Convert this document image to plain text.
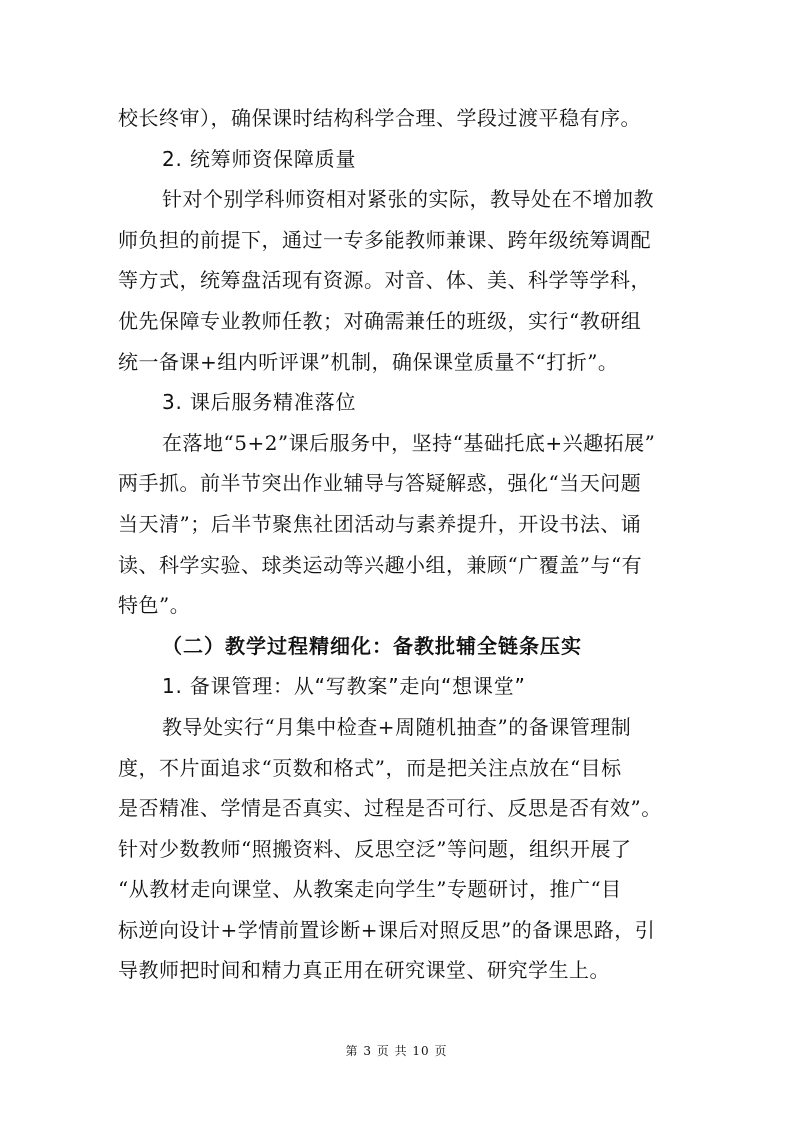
校长终审），确保课时结构科学合理、学段过渡平稳有序。
2. 统筹师资保障质量
针对个别学科师资相对紧张的实际，教导处在不增加教
师负担的前提下，通过一专多能教师兼课、跨年级统筹调配
等方式，统筹盘活现有资源。对音、体、美、科学等学科，
优先保障专业教师任教；对确需兼任的班级，实行“教研组
统一备课+组内听评课”机制，确保课堂质量不“打折”。
3. 课后服务精准落位
在落地“5+2”课后服务中，坚持“基础托底+兴趣拓展”
两手抓。前半节突出作业辅导与答疑解惑，强化“当天问题
当天清”；后半节聚焦社团活动与素养提升，开设书法、诵
读、科学实验、球类运动等兴趣小组，兼顾“广覆盖”与“有
特色”。
（二）教学过程精细化：备教批辅全链条压实
1. 备课管理：从“写教案”走向“想课堂”
教导处实行“月集中检查+周随机抽查”的备课管理制
度，不片面追求“页数和格式”，而是把关注点放在“目标
是否精准、学情是否真实、过程是否可行、反思是否有效”。
针对少数教师“照搬资料、反思空泛”等问题，组织开展了
“从教材走向课堂、从教案走向学生”专题研讨，推广“目
标逆向设计+学情前置诊断+课后对照反思”的备课思路，引
导教师把时间和精力真正用在研究课堂、研究学生上。
第 3 页 共 10 页
